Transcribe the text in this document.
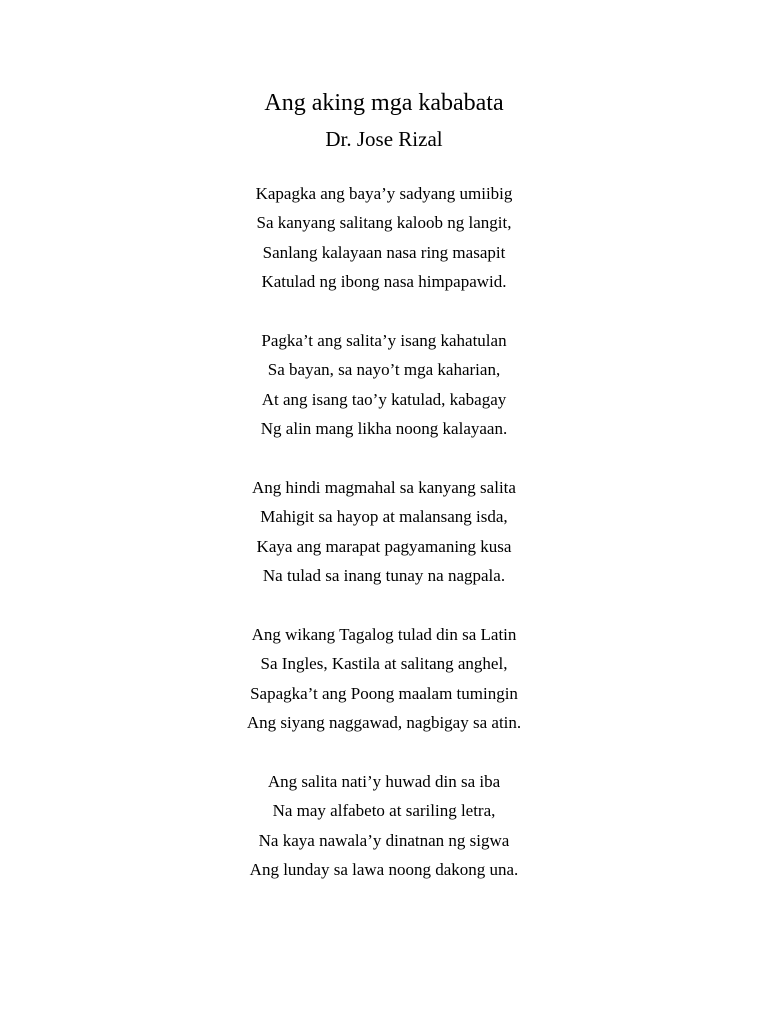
Ang aking mga kababata
Dr. Jose Rizal
Kapagka ang baya’y sadyang umiibig
Sa kanyang salitang kaloob ng langit,
Sanlang kalayaan nasa ring masapit
Katulad ng ibong nasa himpapawid.
Pagka’t ang salita’y isang kahatulan
Sa bayan, sa nayo’t mga kaharian,
At ang isang tao’y katulad, kabagay
Ng alin mang likha noong kalayaan.
Ang hindi magmahal sa kanyang salita
Mahigit sa hayop at malansang isda,
Kaya ang marapat pagyamaning kusa
Na tulad sa inang tunay na nagpala.
Ang wikang Tagalog tulad din sa Latin
Sa Ingles, Kastila at salitang anghel,
Sapagka’t ang Poong maalam tumingin
Ang siyang naggawad, nagbigay sa atin.
Ang salita nati’y huwad din sa iba
Na may alfabeto at sariling letra,
Na kaya nawala’y dinatnan ng sigwa
Ang lunday sa lawa noong dakong una.
